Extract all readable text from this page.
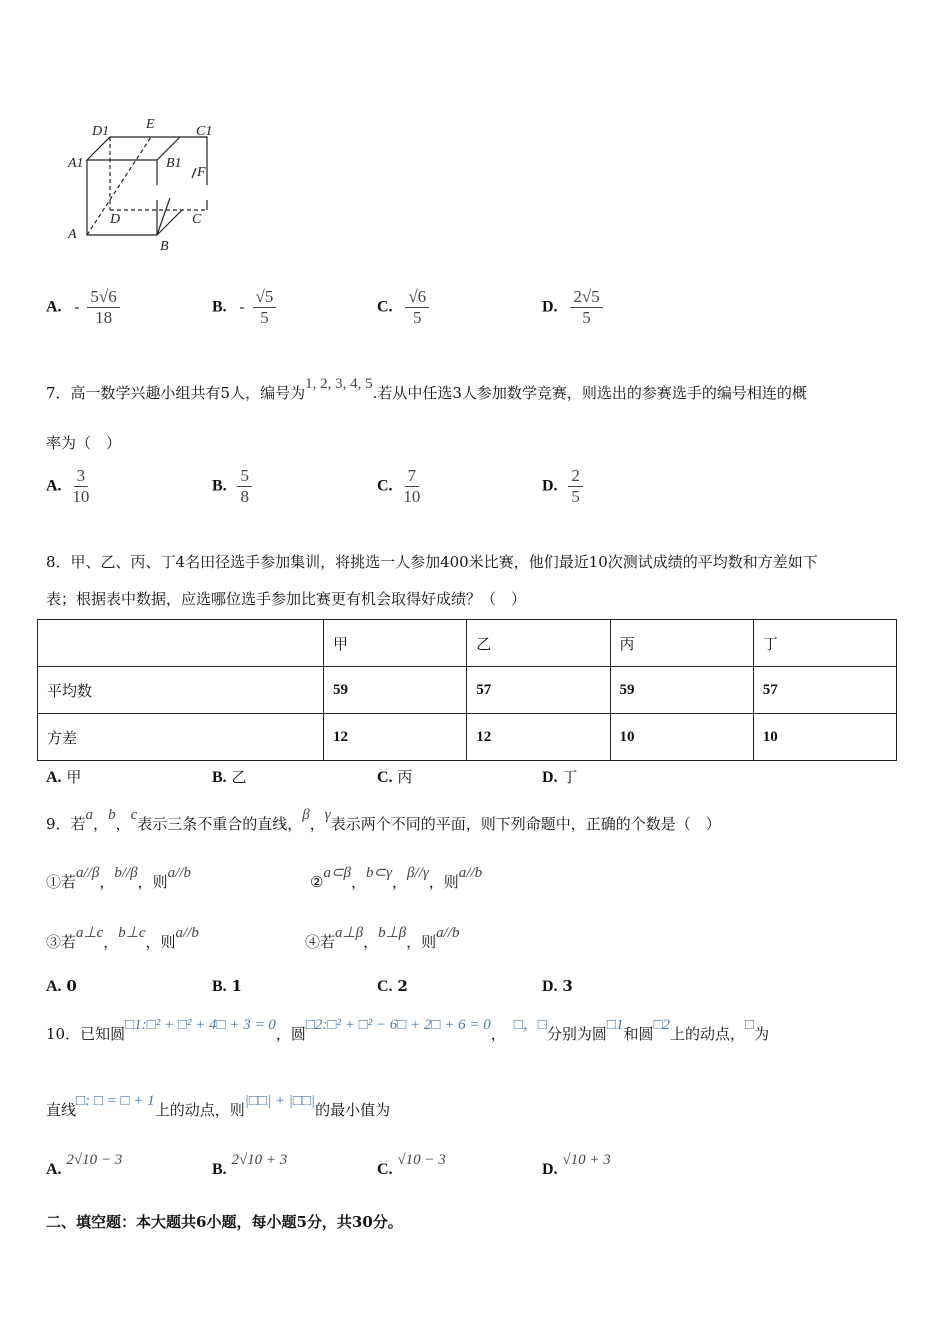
D1	E	C1
A1	B1
F
D	C
A
B
A. - $\frac{5√6}{18}$	B. - $\frac{√5}{5}$	C. $\frac{√6}{5}$	D. $\frac{2√5}{5}$
7．高一数学兴趣小组共有5人，编号为1, 2, 3, 4, 5.若从中任选3人参加数学竞赛，则选出的参赛选手的编号相连的概
率为（　）
A. $\frac{3}{10}$	B. $\frac{5}{8}$	C. $\frac{7}{10}$	D. $\frac{2}{5}$
8．甲、乙、丙、丁4名田径选手参加集训，将挑选一人参加400米比赛，他们最近10次测试成绩的平均数和方差如下
表；根据表中数据，应选哪位选手参加比赛更有机会取得好成绩？（　）
	甲	乙	丙	丁
平均数	59	57	59	57
方差	12	12	10	10
A. 甲	B. 乙	C. 丙	D. 丁
9．若a，b，c表示三条不重合的直线，β，γ表示两个不同的平面，则下列命题中，正确的个数是（　）
①若a//β，b//β，则a//b	②a⊂β，b⊂γ，β//γ，则a//b
③若a⊥c，b⊥c，则a//b	④若a⊥β，b⊥β，则a//b
A. 0	B. 1	C. 2	D. 3
10．已知圆□1:□² + □² + 4□ + 3 = 0，圆□2:□² + □² − 6□ + 2□ + 6 = 0， □，□分别为圆□1和圆□2上的动点，□为
直线□: □ = □ + 1上的动点，则|□□| + |□□|的最小值为
A. 2√10 − 3
B. 2√10 + 3
C. √10 − 3
D. √10 + 3
二、填空题：本大题共6小题，每小题5分，共30分。
